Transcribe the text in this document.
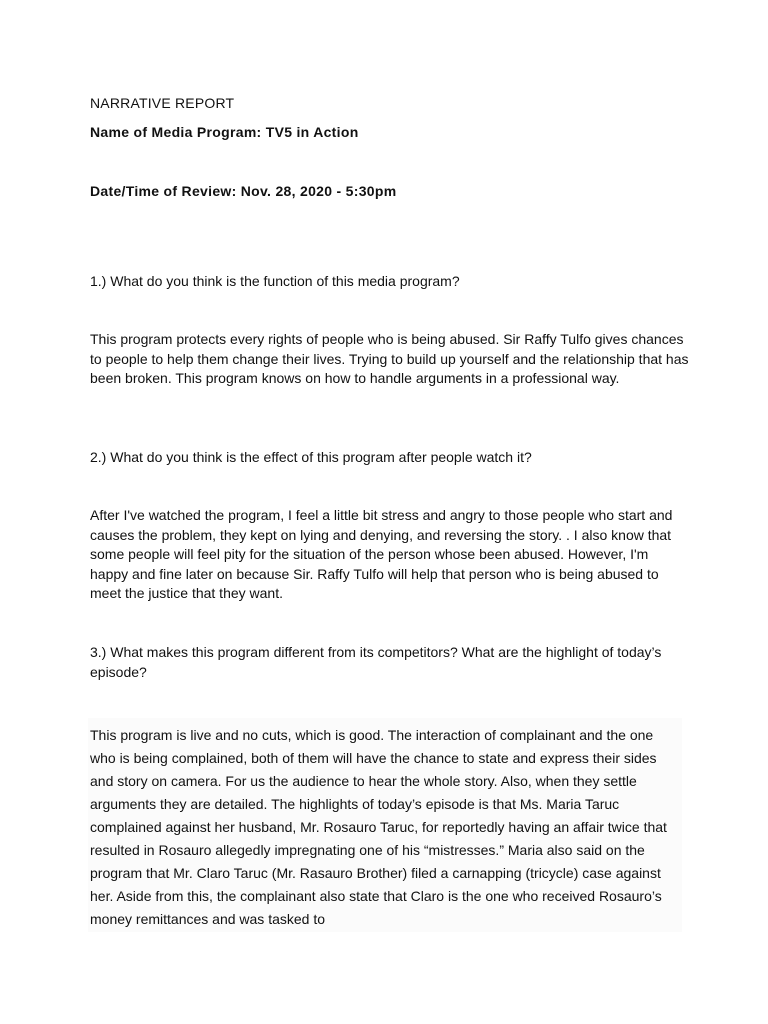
NARRATIVE REPORT

Name of Media Program: TV5 in Action

Date/Time of Review: Nov. 28, 2020 - 5:30pm

1.) What do you think is the function of this media program?

This program protects every rights of people who is being abused. Sir Raffy Tulfo gives chances to people to help them change their lives. Trying to build up yourself and the relationship that has been broken. This program knows on how to handle arguments in a professional way.

2.) What do you think is the effect of this program after people watch it?

After I've watched the program, I feel a little bit stress and angry to those people who start and causes the problem, they kept on lying and denying, and reversing the story. . I also know that some people will feel pity for the situation of the person whose been abused. However, I'm happy and fine later on because Sir. Raffy Tulfo will help that person who is being abused to meet the justice that they want.

3.) What makes this program different from its competitors? What are the highlight of today’s episode?

This program is live and no cuts, which is good. The interaction of complainant and the one who is being complained, both of them will have the chance to state and express their sides and story on camera. For us the audience to hear the whole story. Also, when they settle arguments they are detailed. The highlights of today’s episode is that Ms. Maria Taruc complained against her husband, Mr. Rosauro Taruc, for reportedly having an affair twice that resulted in Rosauro allegedly impregnating one of his “mistresses.” Maria also said on the program that Mr. Claro Taruc (Mr. Rasauro Brother) filed a carnapping (tricycle) case against her. Aside from this, the complainant also state that Claro is the one who received Rosauro’s money remittances and was tasked to
